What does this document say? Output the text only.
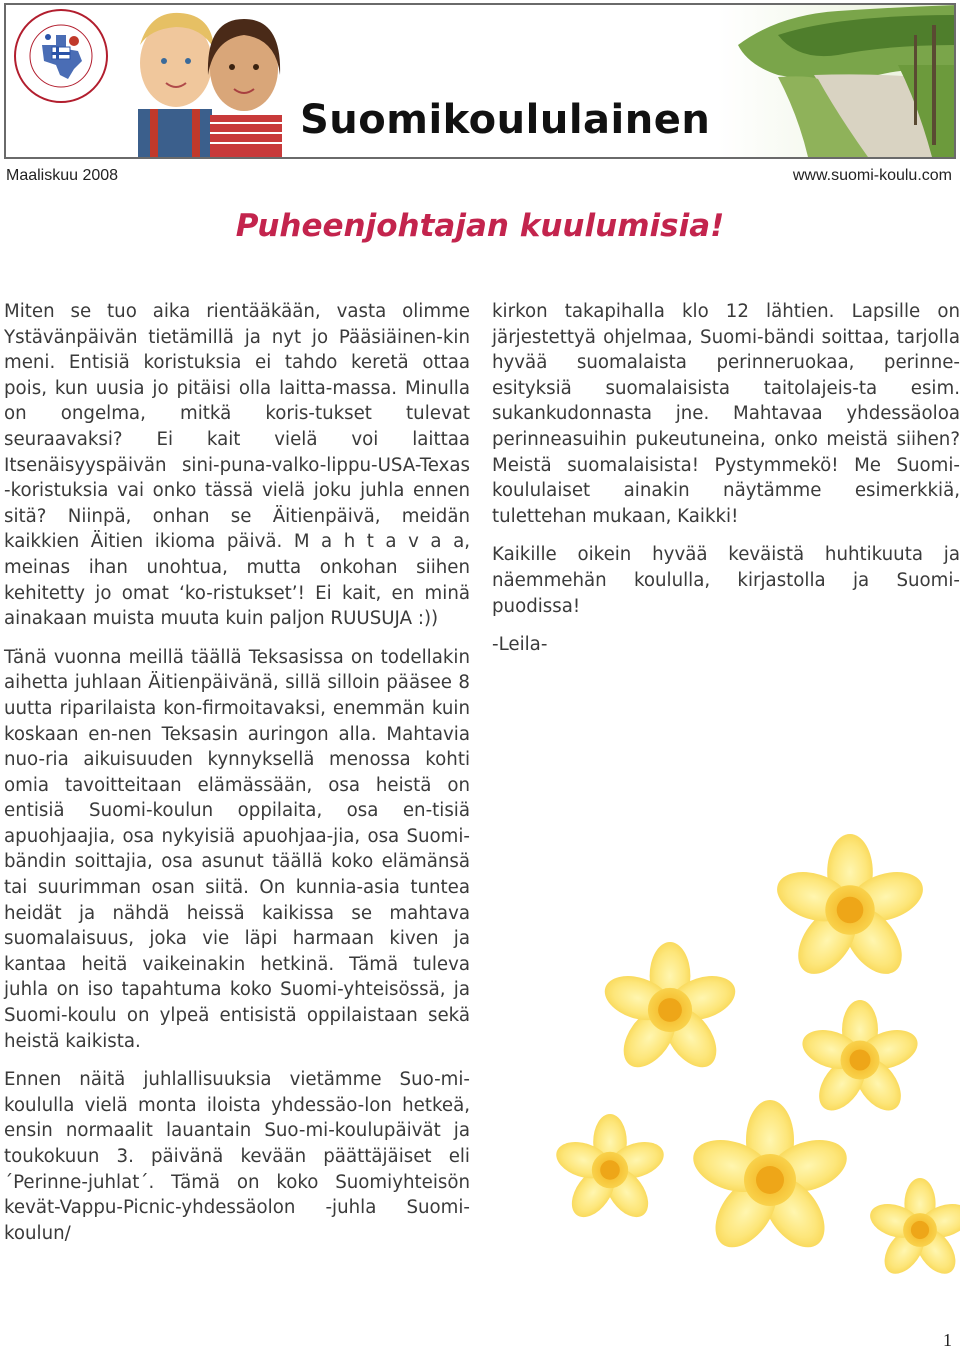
Suomikoululainen
Maaliskuu 2008	www.suomi-koulu.com
Puheenjohtajan kuulumisia!

Miten se tuo aika rientääkään, vasta olimme Ystävänpäivän tietämillä ja nyt jo Pääsiäinen-kin meni. Entisiä koristuksia ei tahdo keretä ottaa pois, kun uusia jo pitäisi olla laitta-massa. Minulla on ongelma, mitkä koris-tukset tulevat seuraavaksi? Ei kait vielä voi laittaa Itsenäisyyspäivän sini-puna-valko-lippu-USA-Texas -koristuksia vai onko tässä vielä joku juhla ennen sitä? Niinpä, onhan se Äitienpäivä, meidän kaikkien Äitien ikioma päivä. M a h t a v a a, meinas ihan unohtua, mutta onkohan siihen kehitetty jo omat ‘ko-ristukset’! Ei kait, en minä ainakaan muista muuta kuin paljon RUUSUJA :))

Tänä vuonna meillä täällä Teksasissa on todellakin aihetta juhlaan Äitienpäivänä, sillä silloin pääsee 8 uutta riparilaista kon-firmoitavaksi, enemmän kuin koskaan en-nen Teksasin auringon alla. Mahtavia nuo-ria aikuisuuden kynnyksellä menossa kohti omia tavoitteitaan elämässään, osa heistä on entisiä Suomi-koulun oppilaita, osa en-tisiä apuohjaajia, osa nykyisiä apuohjaa-jia, osa Suomi-bändin soittajia, osa asunut täällä koko elämänsä tai suurimman osan siitä. On kunnia-asia tuntea heidät ja nähdä heissä kaikissa se mahtava suomalaisuus, joka vie läpi harmaan kiven ja kantaa heitä vaikeinakin hetkinä. Tämä tuleva juhla on iso tapahtuma koko Suomi-yhteisössä, ja Suomi-koulu on ylpeä entisistä oppilaistaan sekä heistä kaikista.

Ennen näitä juhlallisuuksia vietämme Suo-mi-koululla vielä monta iloista yhdessäo-lon hetkeä, ensin normaalit lauantain Suo-mi-koulupäivät ja toukokuun 3. päivänä kevään päättäjäiset eli ´Perinne-juhlat´. Tämä on koko Suomiyhteisön kevät-Vappu-Picnic-yhdessäolon -juhla Suomi-koulun/

kirkon takapihalla klo 12 lähtien. Lapsille on järjestettyä ohjelmaa, Suomi-bändi soittaa, tarjolla hyvää suomalaista perinneruokaa, perinne-esityksiä suomalaisista taitolajeis-ta esim. sukankudonnasta jne. Mahtavaa yhdessäoloa perinneasuihin pukeutuneina, onko meistä siihen? Meistä suomalaisista! Pystymmekö! Me Suomi-koululaiset ainakin näytämme esimerkkiä, tulettehan mukaan, Kaikki!

Kaikille oikein hyvää keväistä huhtikuuta ja näemmehän koululla, kirjastolla ja Suomi-puodissa!

-Leila-

1
